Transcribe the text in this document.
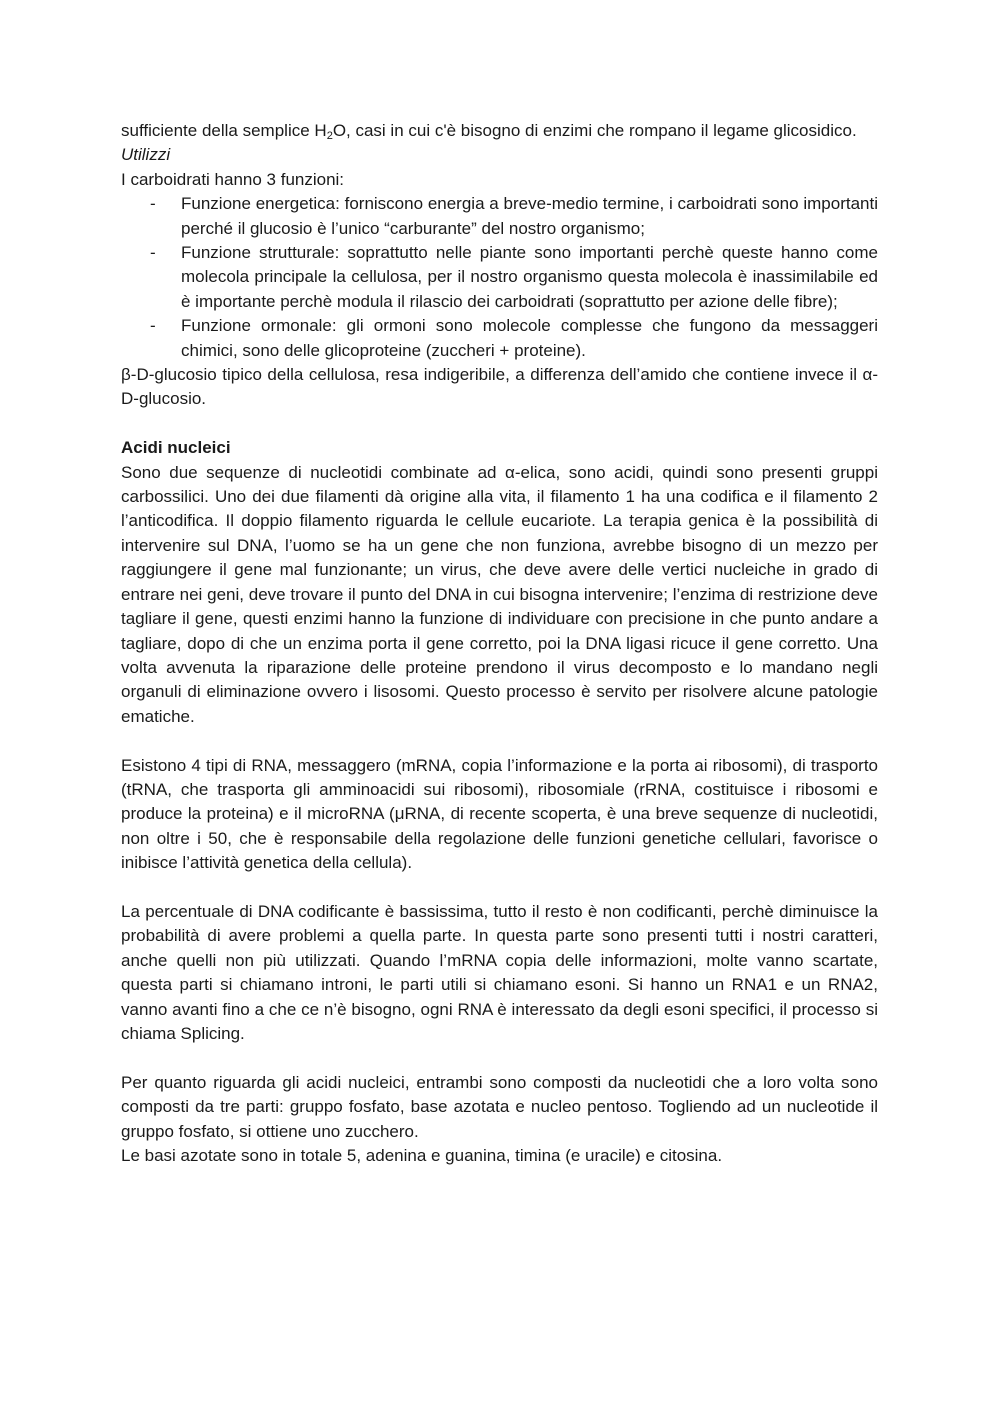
sufficiente della semplice $H_2O$, casi in cui c'è bisogno di enzimi che rompano il legame glicosidico.

Utilizzi

I carboidrati hanno 3 funzioni:

- Funzione energetica: forniscono energia a breve-medio termine, i carboidrati sono importanti perché il glucosio è l’unico “carburante” del nostro organismo;
- Funzione strutturale: soprattutto nelle piante sono importanti perchè queste hanno come molecola principale la cellulosa, per il nostro organismo questa molecola è inassimilabile ed è importante perchè modula il rilascio dei carboidrati (soprattutto per azione delle fibre);
- Funzione ormonale: gli ormoni sono molecole complesse che fungono da messaggeri chimici, sono delle glicoproteine (zuccheri + proteine).

β-D-glucosio tipico della cellulosa, resa indigeribile, a differenza dell’amido che contiene invece il α-D-glucosio.

Acidi nucleici

Sono due sequenze di nucleotidi combinate ad α-elica, sono acidi, quindi sono presenti gruppi carbossilici. Uno dei due filamenti dà origine alla vita, il filamento 1 ha una codifica e il filamento 2 l’anticodifica. Il doppio filamento riguarda le cellule eucariote. La terapia genica è la possibilità di intervenire sul DNA, l’uomo se ha un gene che non funziona, avrebbe bisogno di un mezzo per raggiungere il gene mal funzionante; un virus, che deve avere delle vertici nucleiche in grado di entrare nei geni, deve trovare il punto del DNA in cui bisogna intervenire; l’enzima di restrizione deve tagliare il gene, questi enzimi hanno la funzione di individuare con precisione in che punto andare a tagliare, dopo di che un enzima porta il gene corretto, poi la DNA ligasi ricuce il gene corretto. Una volta avvenuta la riparazione delle proteine prendono il virus decomposto e lo mandano negli organuli di eliminazione ovvero i lisosomi. Questo processo è servito per risolvere alcune patologie ematiche.

Esistono 4 tipi di RNA, messaggero (mRNA, copia l’informazione e la porta ai ribosomi), di trasporto (tRNA, che trasporta gli amminoacidi sui ribosomi), ribosomiale (rRNA, costituisce i ribosomi e produce la proteina) e il microRNA (μRNA, di recente scoperta, è una breve sequenze di nucleotidi, non oltre i 50, che è responsabile della regolazione delle funzioni genetiche cellulari, favorisce o inibisce l’attività genetica della cellula).

La percentuale di DNA codificante è bassissima, tutto il resto è non codificanti, perchè diminuisce la probabilità di avere problemi a quella parte. In questa parte sono presenti tutti i nostri caratteri, anche quelli non più utilizzati. Quando l’mRNA copia delle informazioni, molte vanno scartate, questa parti si chiamano introni, le parti utili si chiamano esoni. Si hanno un RNA1 e un RNA2, vanno avanti fino a che ce n’è bisogno, ogni RNA è interessato da degli esoni specifici, il processo si chiama Splicing.

Per quanto riguarda gli acidi nucleici, entrambi sono composti da nucleotidi che a loro volta sono composti da tre parti: gruppo fosfato, base azotata e nucleo pentoso. Togliendo ad un nucleotide il gruppo fosfato, si ottiene uno zucchero.

Le basi azotate sono in totale 5, adenina e guanina, timina (e uracile) e citosina.
